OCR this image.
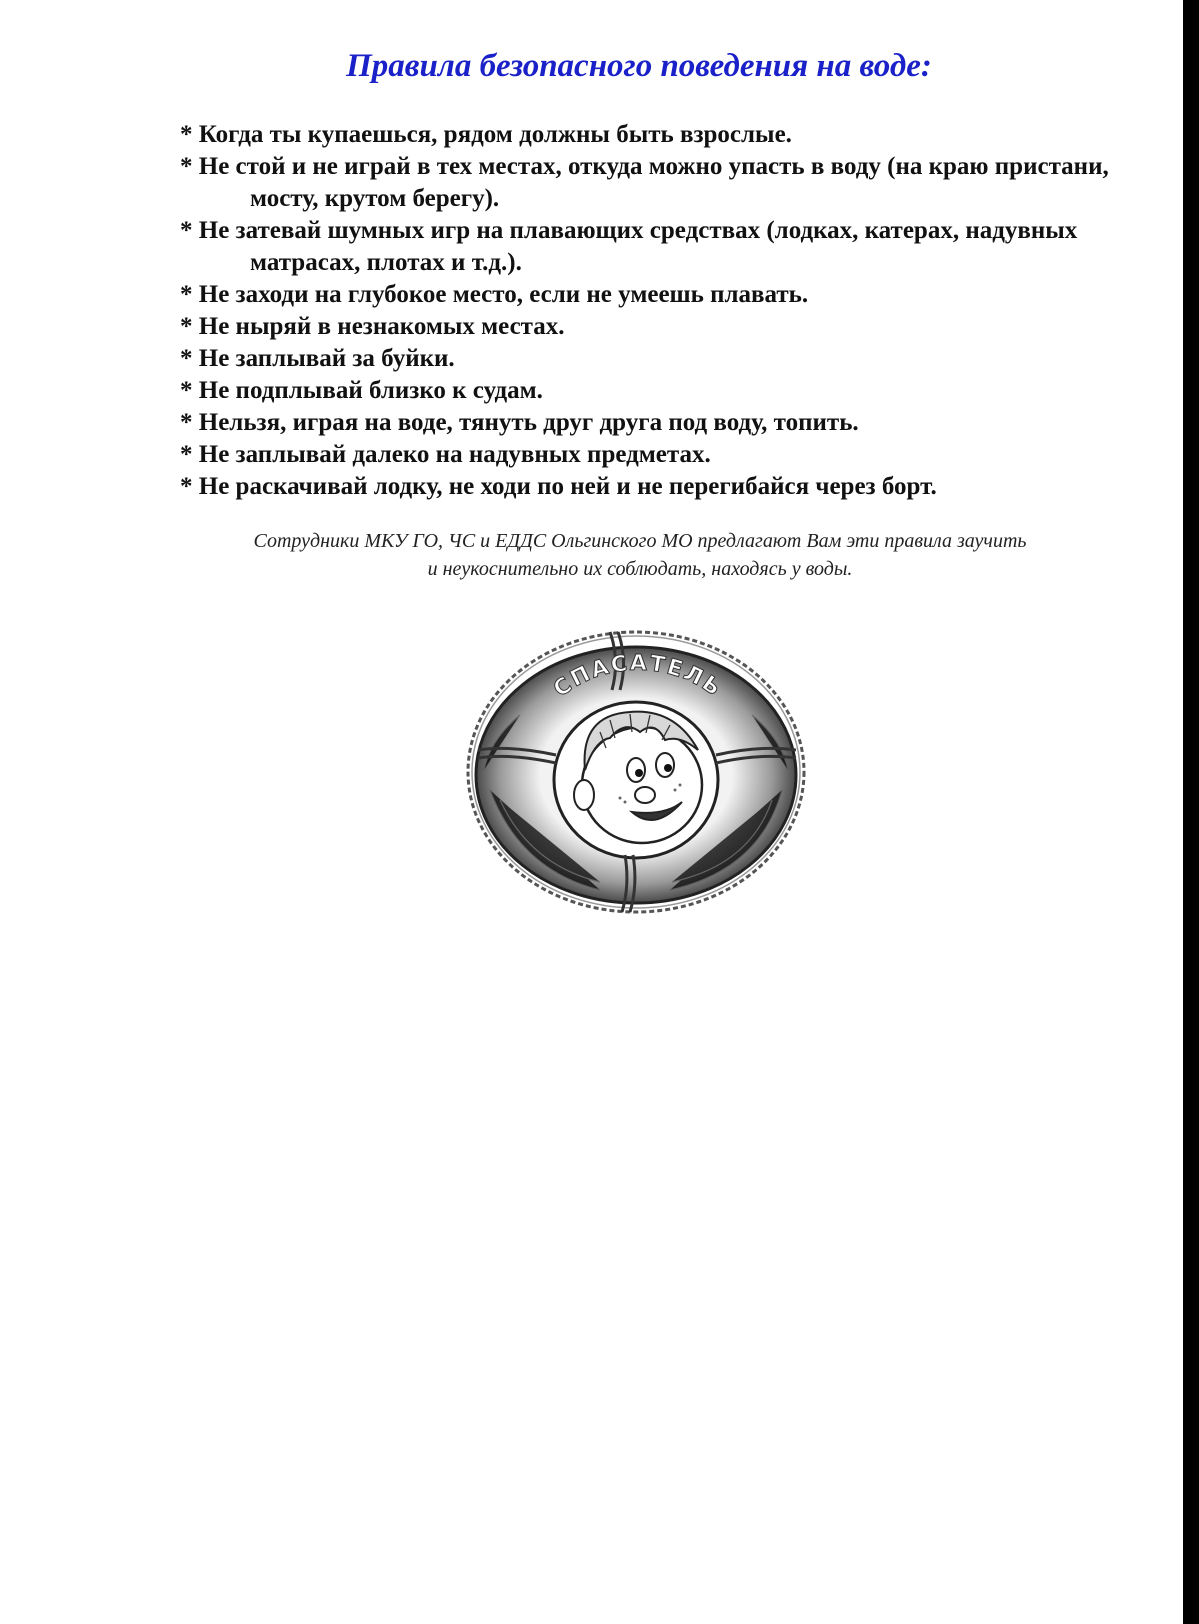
Правила безопасного поведения на воде:
* Когда ты купаешься, рядом должны быть взрослые.
* Не стой и не играй в тех местах, откуда можно упасть в воду (на краю пристани, мосту, крутом берегу).
* Не затевай шумных игр на плавающих средствах (лодках, катерах, надувных матрасах, плотах и т.д.).
* Не заходи на глубокое место, если не умеешь плавать.
* Не ныряй в незнакомых местах.
* Не заплывай за буйки.
* Не подплывай близко к судам.
* Нельзя, играя на воде, тянуть друг друга под воду, топить.
* Не заплывай далеко на надувных предметах.
* Не раскачивай лодку, не ходи по ней и не перегибайся через борт.
Сотрудники МКУ ГО, ЧС и ЕДДС Ольгинского МО предлагают Вам эти правила заучить
и неукоснительно их соблюдать, находясь у воды.
СПАСАТЕЛЬ
